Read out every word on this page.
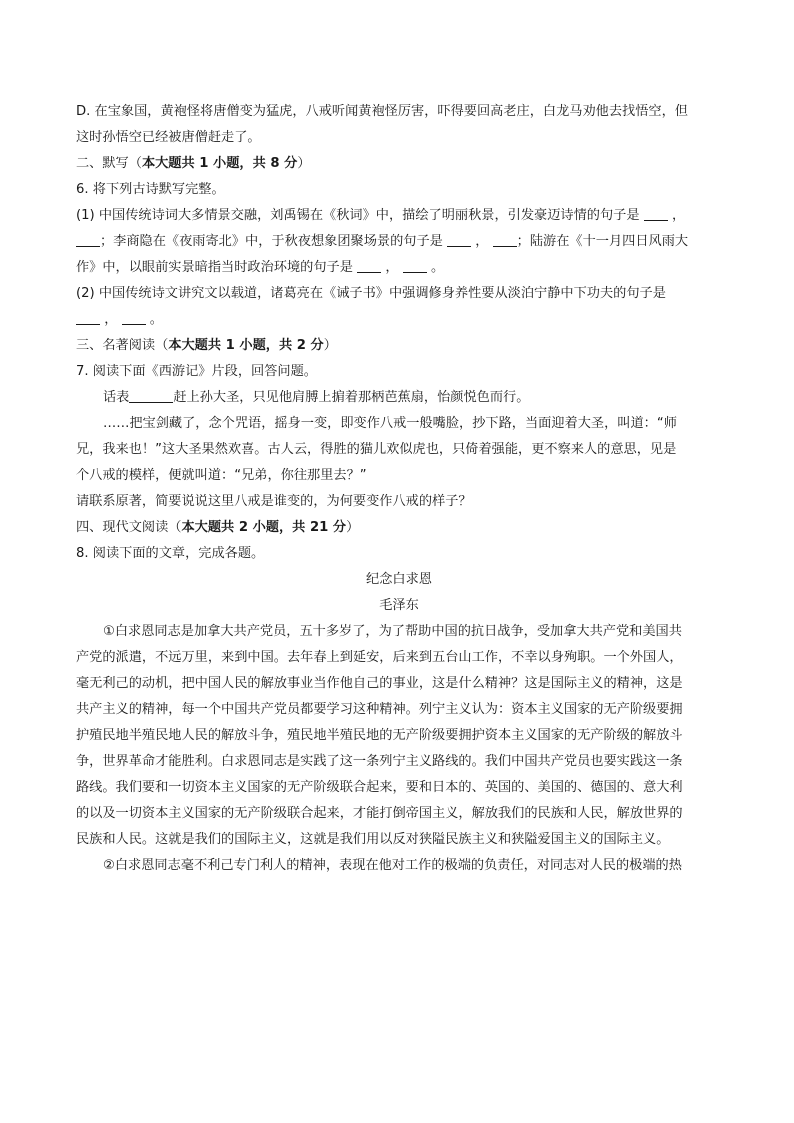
D. 在宝象国，黄袍怪将唐僧变为猛虎，八戒听闻黄袍怪厉害，吓得要回高老庄，白龙马劝他去找悟空，但
这时孙悟空已经被唐僧赶走了。
二、默写（本大题共 1 小题，共 8 分）
6. 将下列古诗默写完整。
(1) 中国传统诗词大多情景交融，刘禹锡在《秋词》中，描绘了明丽秋景，引发豪迈诗情的句子是 ，
；李商隐在《夜雨寄北》中，于秋夜想象团聚场景的句子是 ， ；陆游在《十一月四日风雨大
作》中，以眼前实景暗指当时政治环境的句子是 ， 。
(2) 中国传统诗文讲究文以载道，诸葛亮在《诫子书》中强调修身养性要从淡泊宁静中下功夫的句子是
， 。
三、名著阅读（本大题共 1 小题，共 2 分）
7. 阅读下面《西游记》片段，回答问题。
话表	赶上孙大圣，只见他肩膊上掮着那柄芭蕉扇，怡颜悦色而行。
……把宝剑藏了，念个咒语，摇身一变，即变作八戒一般嘴脸，抄下路，当面迎着大圣，叫道：“师
兄，我来也！”这大圣果然欢喜。古人云，得胜的猫儿欢似虎也，只倚着强能，更不察来人的意思，见是
个八戒的模样，便就叫道：“兄弟，你往那里去？”
请联系原著，简要说说这里八戒是谁变的，为何要变作八戒的样子？
四、现代文阅读（本大题共 2 小题，共 21 分）
8. 阅读下面的文章，完成各题。
纪念白求恩
毛泽东
①白求恩同志是加拿大共产党员，五十多岁了，为了帮助中国的抗日战争，受加拿大共产党和美国共
产党的派遣，不远万里，来到中国。去年春上到延安，后来到五台山工作，不幸以身殉职。一个外国人，
毫无利己的动机，把中国人民的解放事业当作他自己的事业，这是什么精神？这是国际主义的精神，这是
共产主义的精神，每一个中国共产党员都要学习这种精神。列宁主义认为：资本主义国家的无产阶级要拥
护殖民地半殖民地人民的解放斗争，殖民地半殖民地的无产阶级要拥护资本主义国家的无产阶级的解放斗
争，世界革命才能胜利。白求恩同志是实践了这一条列宁主义路线的。我们中国共产党员也要实践这一条
路线。我们要和一切资本主义国家的无产阶级联合起来，要和日本的、英国的、美国的、德国的、意大利
的以及一切资本主义国家的无产阶级联合起来，才能打倒帝国主义，解放我们的民族和人民，解放世界的
民族和人民。这就是我们的国际主义，这就是我们用以反对狭隘民族主义和狭隘爱国主义的国际主义。
②白求恩同志毫不利己专门利人的精神，表现在他对工作的极端的负责任，对同志对人民的极端的热
